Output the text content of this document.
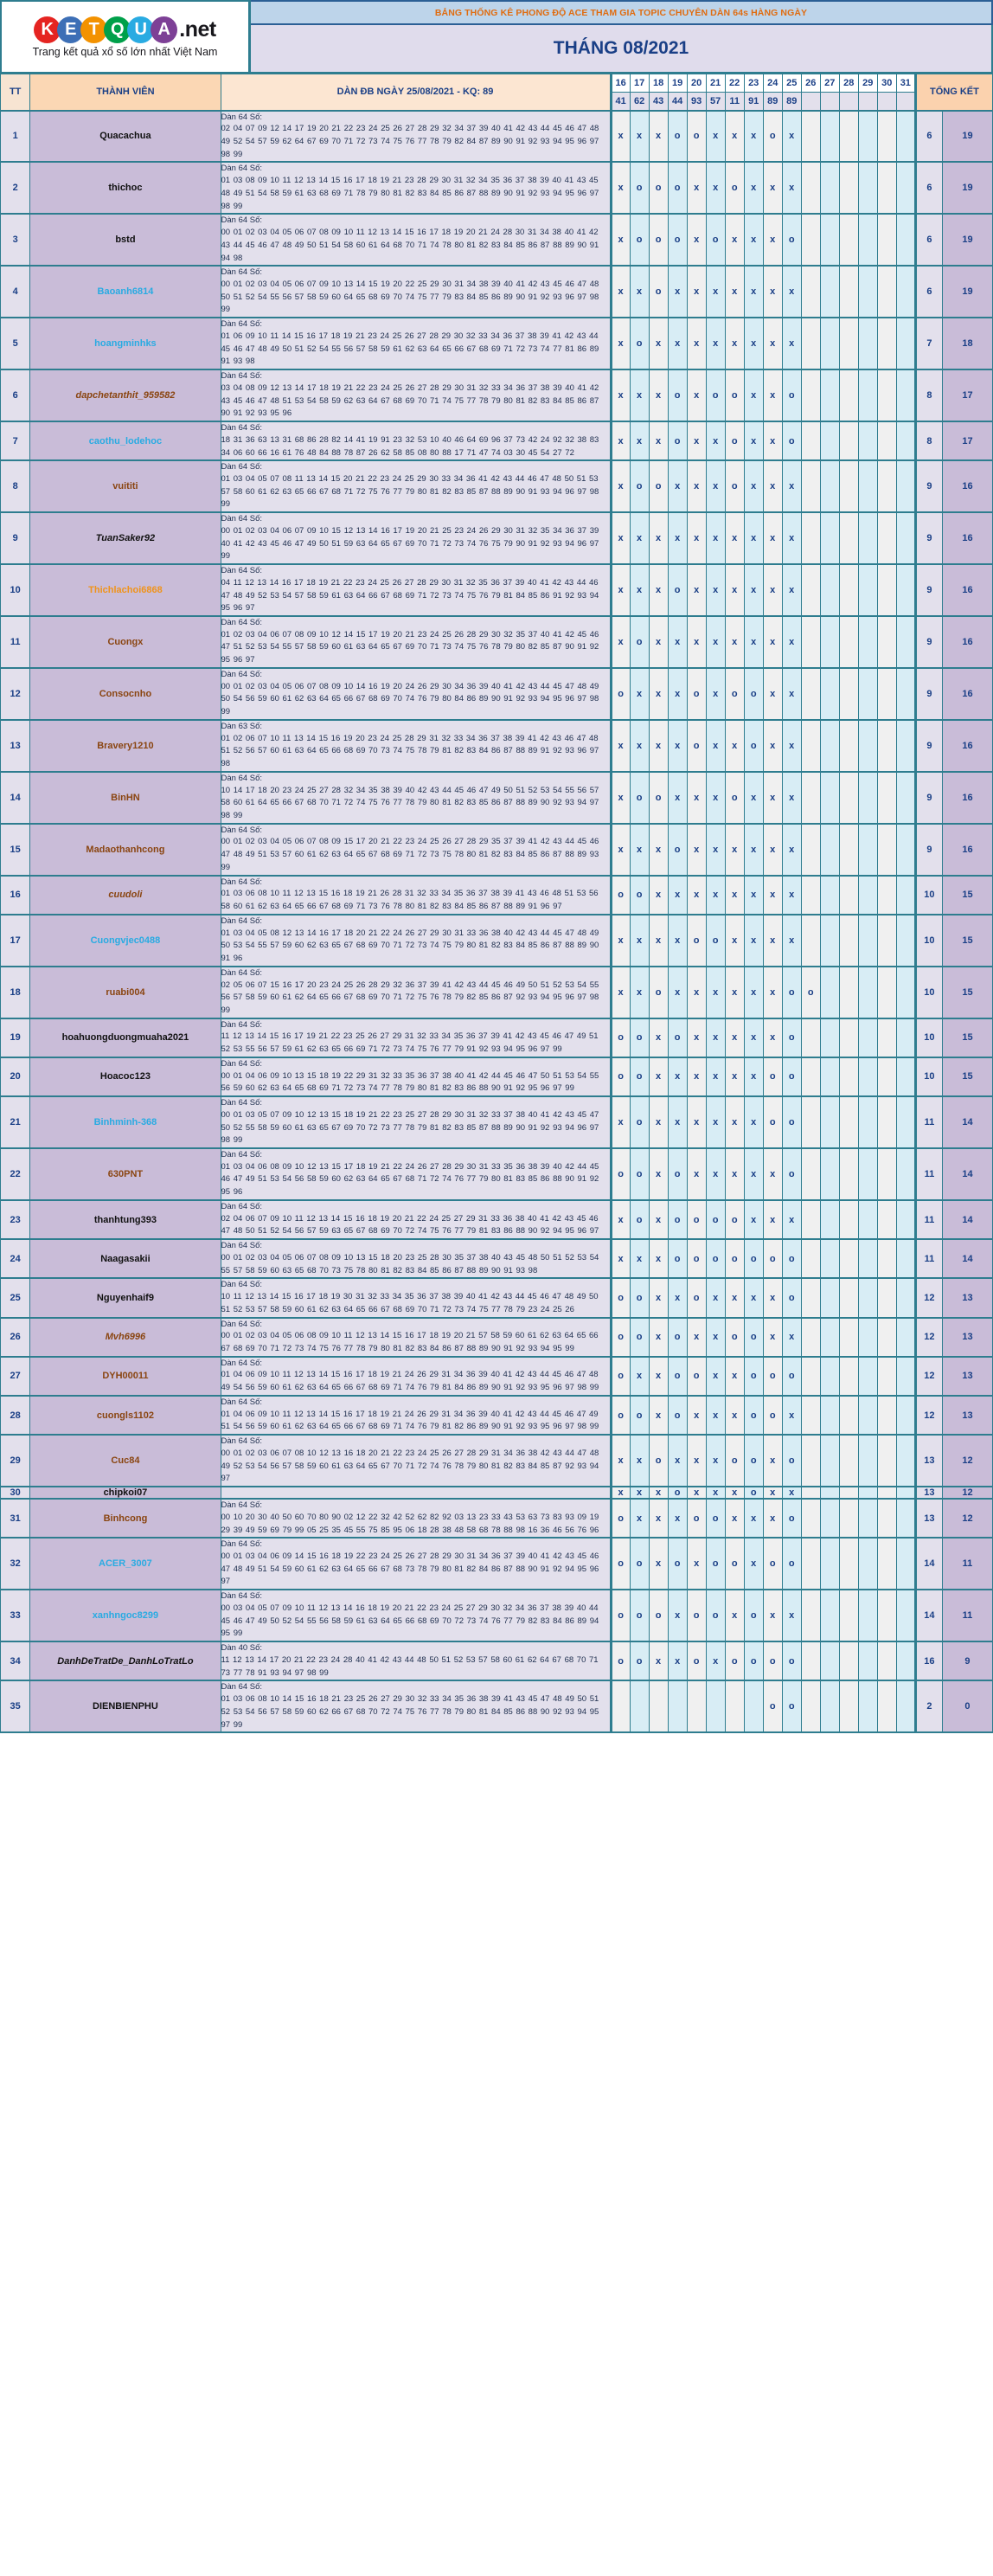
K E T Q U A .net
Trang kết quả xổ số lớn nhất Việt Nam
BẢNG THỐNG KÊ PHONG ĐỘ ACE THAM GIA TOPIC CHUYÊN DÀN 64s HÀNG NGÀY
THÁNG 08/2021
TT	THÀNH VIÊN	DÀN ĐB NGÀY 25/08/2021 - KQ: 89	16	17	18	19	20	21	22	23	24	25	26	27	28	29	30	31	TỔNG KẾT	
			41	62	43	44	93	57	11	91	89	89								
1	Quacachua	Dàn 64 Số:
02 04 07 09 12 14 17 19 20 21 22 23 24 25 26 27 28 29 32 34 37 39 40 41 42 43 44 45 46 47 48 49 52 54 57 59 62 64 67 69 70 71 72 73 74 75 76 77 78 79 82 84 87 89 90 91 92 93 94 95 96 97 98 99	x	x	x	o	o	x	x	x	o	x							6	19
2	thichoc	Dàn 64 Số:
01 03 08 09 10 11 12 13 14 15 16 17 18 19 21 23 28 29 30 31 32 34 35 36 37 38 39 40 41 43 45 48 49 51 54 58 59 61 63 68 69 71 78 79 80 81 82 83 84 85 86 87 88 89 90 91 92 93 94 95 96 97 98 99	x	o	o	o	x	x	o	x	x	x							6	19
3	bstd	Dàn 64 Số:
00 01 02 03 04 05 06 07 08 09 10 11 12 13 14 15 16 17 18 19 20 21 24 28 30 31 34 38 40 41 42 43 44 45 46 47 48 49 50 51 54 58 60 61 64 68 70 71 74 78 80 81 82 83 84 85 86 87 88 89 90 91 94 98	x	o	o	o	x	o	x	x	x	o							6	19
4	Baoanh6814	Dàn 64 Số:
00 01 02 03 04 05 06 07 09 10 13 14 15 19 20 22 25 29 30 31 34 38 39 40 41 42 43 45 46 47 48 50 51 52 54 55 56 57 58 59 60 64 65 68 69 70 74 75 77 79 83 84 85 86 89 90 91 92 93 96 97 98 99	x	x	o	x	x	x	x	x	x	x							6	19
5	hoangminhks	Dàn 64 Số:
01 06 09 10 11 14 15 16 17 18 19 21 23 24 25 26 27 28 29 30 32 33 34 36 37 38 39 41 42 43 44 45 46 47 48 49 50 51 52 54 55 56 57 58 59 61 62 63 64 65 66 67 68 69 71 72 73 74 77 81 86 89 91 93 98	x	o	x	x	x	x	x	x	x	x							7	18
6	dapchetanthit_959582	Dàn 64 Số:
03 04 08 09 12 13 14 17 18 19 21 22 23 24 25 26 27 28 29 30 31 32 33 34 36 37 38 39 40 41 42 43 45 46 47 48 51 53 54 58 59 62 63 64 67 68 69 70 71 74 75 77 78 79 80 81 82 83 84 85 86 87 90 91 92 93 95 96	x	x	x	o	x	o	o	x	x	o							8	17
7	caothu_lodehoc	Dàn 64 Số:
18 31 36 63 13 31 68 86 28 82 14 41 19 91 23 32 53 10 40 46 64 69 96 37 73 42 24 92 32 38 83 34 06 60 66 16 61 76 48 84 88 78 87 26 62 58 85 08 80 88 17 71 47 74 03 30 45 54 27 72	x	x	x	o	x	x	o	x	x	o							8	17
8	vuititi	Dàn 64 Số:
01 03 04 05 07 08 11 13 14 15 20 21 22 23 24 25 29 30 33 34 36 41 42 43 44 46 47 48 50 51 53 57 58 60 61 62 63 65 66 67 68 71 72 75 76 77 79 80 81 82 83 85 87 88 89 90 91 93 94 96 97 98 99	x	o	o	x	x	x	o	x	x	x							9	16
9	TuanSaker92	Dàn 64 Số:
00 01 02 03 04 06 07 09 10 15 12 13 14 16 17 19 20 21 25 23 24 26 29 30 31 32 35 34 36 37 39 40 41 42 43 45 46 47 49 50 51 59 63 64 65 67 69 70 71 72 73 74 76 75 79 90 91 92 93 94 96 97 99	x	x	x	x	x	x	x	x	x	x							9	16
10	Thichlachoi6868	Dàn 64 Số:
04 11 12 13 14 16 17 18 19 21 22 23 24 25 26 27 28 29 30 31 32 35 36 37 39 40 41 42 43 44 46 47 48 49 52 53 54 57 58 59 61 63 64 66 67 68 69 71 72 73 74 75 76 79 81 84 85 86 91 92 93 94 95 96 97	x	x	x	o	x	x	x	x	x	x							9	16
11	Cuongx	Dàn 64 Số:
01 02 03 04 06 07 08 09 10 12 14 15 17 19 20 21 23 24 25 26 28 29 30 32 35 37 40 41 42 45 46 47 51 52 53 54 55 57 58 59 60 61 63 64 65 67 69 70 71 73 74 75 76 78 79 80 82 85 87 90 91 92 95 96 97	x	o	x	x	x	x	x	x	x	x							9	16
12	Consocnho	Dàn 64 Số:
00 01 02 03 04 05 06 07 08 09 10 14 16 19 20 24 26 29 30 34 36 39 40 41 42 43 44 45 47 48 49 50 54 56 59 60 61 62 63 64 65 66 67 68 69 70 74 76 79 80 84 86 89 90 91 92 93 94 95 96 97 98 99	o	x	x	x	o	x	o	o	x	x							9	16
13	Bravery1210	Dàn 63 Số:
01 02 06 07 10 11 13 14 15 16 19 20 23 24 25 28 29 31 32 33 34 36 37 38 39 41 42 43 46 47 48 51 52 56 57 60 61 63 64 65 66 68 69 70 73 74 75 78 79 81 82 83 84 86 87 88 89 91 92 93 96 97 98	x	x	x	x	o	x	x	o	x	x							9	16
14	BinHN	Dàn 64 Số:
10 14 17 18 20 23 24 25 27 28 32 34 35 38 39 40 42 43 44 45 46 47 49 50 51 52 53 54 55 56 57 58 60 61 64 65 66 67 68 70 71 72 74 75 76 77 78 79 80 81 82 83 85 86 87 88 89 90 92 93 94 97 98 99	x	o	o	x	x	x	o	x	x	x							9	16
15	Madaothanhcong	Dàn 64 Số:
00 01 02 03 04 05 06 07 08 09 15 17 20 21 22 23 24 25 26 27 28 29 35 37 39 41 42 43 44 45 46 47 48 49 51 53 57 60 61 62 63 64 65 67 68 69 71 72 73 75 78 80 81 82 83 84 85 86 87 88 89 93 99	x	x	x	o	x	x	x	x	x	x							9	16
16	cuudoli	Dàn 64 Số:
01 03 06 08 10 11 12 13 15 16 18 19 21 26 28 31 32 33 34 35 36 37 38 39 41 43 46 48 51 53 56 58 60 61 62 63 64 65 66 67 68 69 71 73 76 78 80 81 82 83 84 85 86 87 88 89 91 96 97	o	o	x	x	x	x	x	x	x	x							10	15
17	Cuongvjec0488	Dàn 64 Số:
01 03 04 05 08 12 13 14 16 17 18 20 21 22 24 26 27 29 30 31 33 36 38 40 42 43 44 45 47 48 49 50 53 54 55 57 59 60 62 63 65 67 68 69 70 71 72 73 74 75 79 80 81 82 83 84 85 86 87 88 89 90 91 96	x	x	x	x	o	o	x	x	x	x							10	15
18	ruabi004	Dàn 64 Số:
02 05 06 07 15 16 17 20 23 24 25 26 28 29 32 36 37 39 41 42 43 44 45 46 49 50 51 52 53 54 55 56 57 58 59 60 61 62 64 65 66 67 68 69 70 71 72 75 76 78 79 82 85 86 87 92 93 94 95 96 97 98 99	x	x	o	x	x	x	x	x	x	o	o						10	15
19	hoahuongduongmuaha2021	Dàn 64 Số:
11 12 13 14 15 16 17 19 21 22 23 25 26 27 29 31 32 33 34 35 36 37 39 41 42 43 45 46 47 49 51 52 53 55 56 57 59 61 62 63 65 66 69 71 72 73 74 75 76 77 79 91 92 93 94 95 96 97 99	o	o	x	o	x	x	x	x	x	o							10	15
20	Hoacoc123	Dàn 64 Số:
00 01 04 06 09 10 13 15 18 19 22 29 31 32 33 35 36 37 38 40 41 42 44 45 46 47 50 51 53 54 55 56 59 60 62 63 64 65 68 69 71 72 73 74 77 78 79 80 81 82 83 86 88 90 91 92 95 96 97 99	o	o	x	x	x	x	x	x	o	o							10	15
21	Binhminh-368	Dàn 64 Số:
00 01 03 05 07 09 10 12 13 15 18 19 21 22 23 25 27 28 29 30 31 32 33 37 38 40 41 42 43 45 47 50 52 55 58 59 60 61 63 65 67 69 70 72 73 77 78 79 81 82 83 85 87 88 89 90 91 92 93 94 96 97 98 99	x	o	x	x	x	x	x	x	o	o							11	14
22	630PNT	Dàn 64 Số:
01 03 04 06 08 09 10 12 13 15 17 18 19 21 22 24 26 27 28 29 30 31 33 35 36 38 39 40 42 44 45 46 47 49 51 53 54 56 58 59 60 62 63 64 65 67 68 71 72 74 76 77 79 80 81 83 85 86 88 90 91 92 95 96	o	o	x	o	x	x	x	x	x	o							11	14
23	thanhtung393	Dàn 64 Số:
02 04 06 07 09 10 11 12 13 14 15 16 18 19 20 21 22 24 25 27 29 31 33 36 38 40 41 42 43 45 46 47 48 50 51 52 54 56 57 59 63 65 67 68 69 70 72 74 75 76 77 79 81 83 86 88 90 92 94 95 96 97	x	o	x	o	o	o	o	x	x	x							11	14
24	Naagasakii	Dàn 64 Số:
00 01 02 03 04 05 06 07 08 09 10 13 15 18 20 23 25 28 30 35 37 38 40 43 45 48 50 51 52 53 54 55 57 58 59 60 63 65 68 70 73 75 78 80 81 82 83 84 85 86 87 88 89 90 91 93 98	x	x	x	o	o	o	o	o	o	o							11	14
25	Nguyenhaif9	Dàn 64 Số:
10 11 12 13 14 15 16 17 18 19 30 31 32 33 34 35 36 37 38 39 40 41 42 43 44 45 46 47 48 49 50 51 52 53 57 58 59 60 61 62 63 64 65 66 67 68 69 70 71 72 73 74 75 77 78 79 23 24 25 26	o	o	x	x	o	x	x	x	x	o							12	13
26	Mvh6996	Dàn 64 Số:
00 01 02 03 04 05 06 08 09 10 11 12 13 14 15 16 17 18 19 20 21 57 58 59 60 61 62 63 64 65 66 67 68 69 70 71 72 73 74 75 76 77 78 79 80 81 82 83 84 86 87 88 89 90 91 92 93 94 95 99	o	o	x	o	x	x	o	o	x	x							12	13
27	DYH00011	Dàn 64 Số:
01 04 06 09 10 11 12 13 14 15 16 17 18 19 21 24 26 29 31 34 36 39 40 41 42 43 44 45 46 47 48 49 54 56 59 60 61 62 63 64 65 66 67 68 69 71 74 76 79 81 84 86 89 90 91 92 93 95 96 97 98 99	o	x	x	o	o	x	x	o	o	o							12	13
28	cuongls1102	Dàn 64 Số:
01 04 06 09 10 11 12 13 14 15 16 17 18 19 21 24 26 29 31 34 36 39 40 41 42 43 44 45 46 47 49 51 54 56 59 60 61 62 63 64 65 66 67 68 69 71 74 76 79 81 82 86 89 90 91 92 93 95 96 97 98 99	o	o	x	o	x	x	x	o	o	x							12	13
29	Cuc84	Dàn 64 Số:
00 01 02 03 06 07 08 10 12 13 16 18 20 21 22 23 24 25 26 27 28 29 31 34 36 38 42 43 44 47 48 49 52 53 54 56 57 58 59 60 61 63 64 65 67 70 71 72 74 76 78 79 80 81 82 83 84 85 87 92 93 94 97	x	x	o	x	x	x	o	o	x	o							13	12
30	chipkoi07		x	x	x	o	x	x	x	o	x	x							13	12
31	Binhcong	Dàn 64 Số:
00 10 20 30 40 50 60 70 80 90 02 12 22 32 42 52 62 82 92 03 13 23 33 43 53 63 73 83 93 09 19 29 39 49 59 69 79 99 05 25 35 45 55 75 85 95 06 18 28 38 48 58 68 78 88 98 16 36 46 56 76 96	o	x	x	x	o	o	x	x	x	o							13	12
32	ACER_3007	Dàn 64 Số:
00 01 03 04 06 09 14 15 16 18 19 22 23 24 25 26 27 28 29 30 31 34 36 37 39 40 41 42 43 45 46 47 48 49 51 54 59 60 61 62 63 64 65 66 67 68 73 78 79 80 81 82 84 86 87 88 90 91 92 94 95 96 97	o	o	x	o	x	o	o	x	o	o							14	11
33	xanhngoc8299	Dàn 64 Số:
00 03 04 05 07 09 10 11 12 13 14 16 18 19 20 21 22 23 24 25 27 29 30 32 34 36 37 38 39 40 44 45 46 47 49 50 52 54 55 56 58 59 61 63 64 65 66 68 69 70 72 73 74 76 77 79 82 83 84 86 89 94 95 99	o	o	o	x	o	o	x	o	x	x							14	11
34	DanhDeTratDe_DanhLoTratLo	Dàn 40 Số:
11 12 13 14 17 20 21 22 23 24 28 40 41 42 43 44 48 50 51 52 53 57 58 60 61 62 64 67 68 70 71 73 77 78 91 93 94 97 98 99	o	o	x	x	o	x	o	o	o	o							16	9
35	DIENBIENPHU	Dàn 64 Số:
01 03 06 08 10 14 15 16 18 21 23 25 26 27 29 30 32 33 34 35 36 38 39 41 43 45 47 48 49 50 51 52 53 54 56 57 58 59 60 62 66 67 68 70 72 74 75 76 77 78 79 80 81 84 85 86 88 90 92 93 94 95 97 99									o	o							2	0
